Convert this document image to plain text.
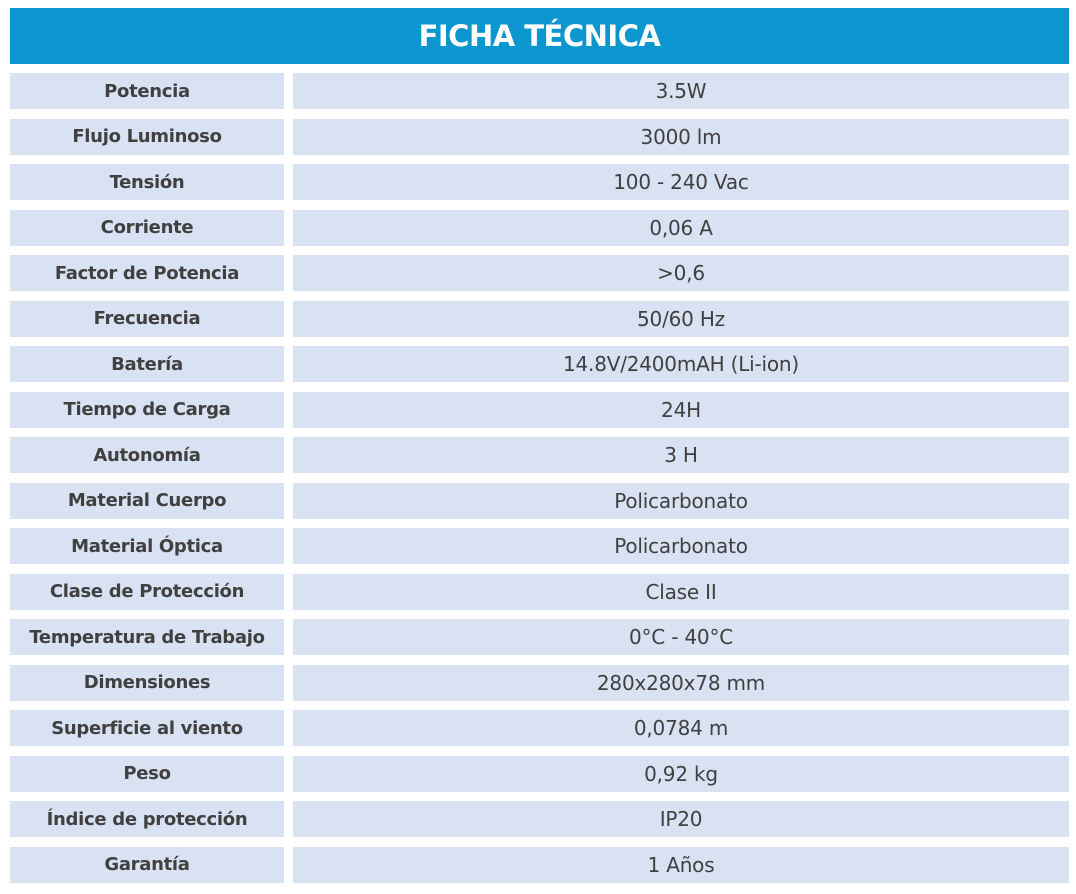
FICHA TÉCNICA
Potencia	3.5W
Flujo Luminoso	3000 lm
Tensión	100 - 240 Vac
Corriente	0,06 A
Factor de Potencia	>0,6
Frecuencia	50/60 Hz
Batería	14.8V/2400mAH (Li-ion)
Tiempo de Carga	24H
Autonomía	3 H
Material Cuerpo	Policarbonato
Material Óptica	Policarbonato
Clase de Protección	Clase II
Temperatura de Trabajo	0°C - 40°C
Dimensiones	280x280x78 mm
Superficie al viento	0,0784 m
Peso	0,92 kg
Índice de protección	IP20
Garantía	1 Años
